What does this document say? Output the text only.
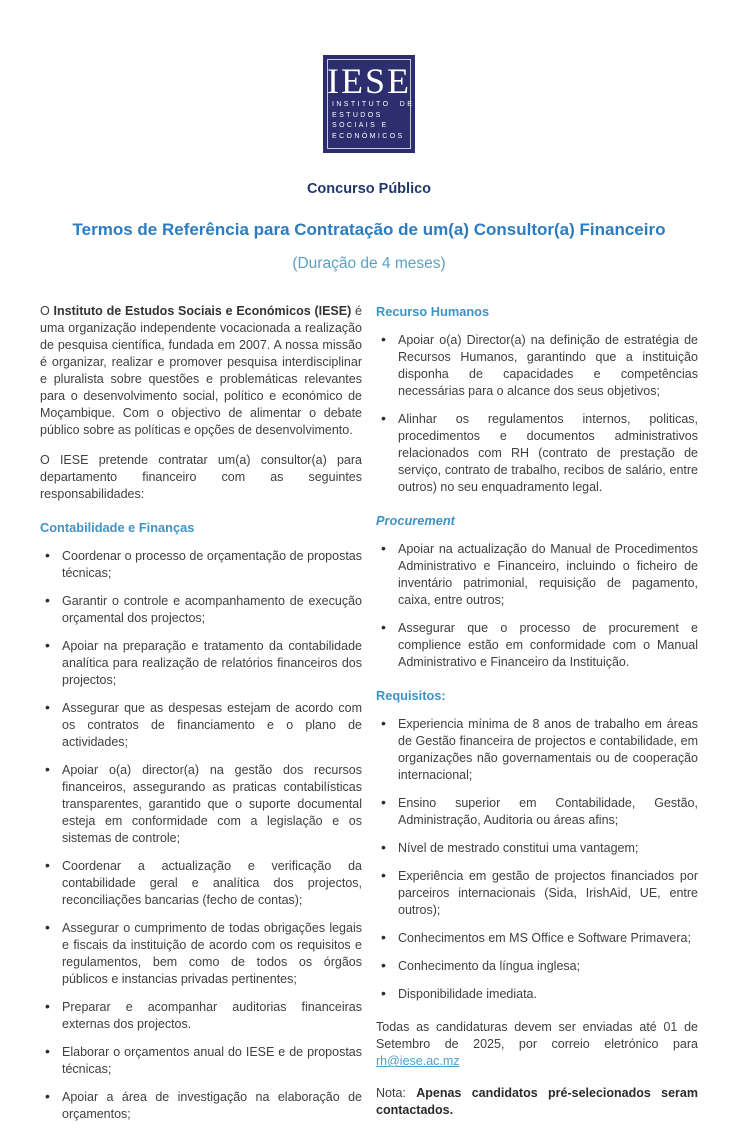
IESE
INSTITUTO DE
ESTUDOS
SOCIAIS E
ECONÓMICOS
Concurso Público
Termos de Referência para Contratação de um(a) Consultor(a) Financeiro
(Duração de 4 meses)

O Instituto de Estudos Sociais e Económicos (IESE) é uma organização independente vocacionada a realização de pesquisa científica, fundada em 2007. A nossa missão é organizar, realizar e promover pesquisa interdisciplinar e pluralista sobre questões e problemáticas relevantes para o desenvolvimento social, político e económico de Moçambique. Com o objectivo de alimentar o debate público sobre as políticas e opções de desenvolvimento.

O IESE pretende contratar um(a) consultor(a) para departamento financeiro com as seguintes responsabilidades:

Contabilidade e Finanças
• Coordenar o processo de orçamentação de propostas técnicas;
• Garantir o controle e acompanhamento de execução orçamental dos projectos;
• Apoiar na preparação e tratamento da contabilidade analítica para realização de relatórios financeiros dos projectos;
• Assegurar que as despesas estejam de acordo com os contratos de financiamento e o plano de actividades;
• Apoiar o(a) director(a) na gestão dos recursos financeiros, assegurando as praticas contabilísticas transparentes, garantido que o suporte documental esteja em conformidade com a legislação e os sistemas de controle;
• Coordenar a actualização e verificação da contabilidade geral e analítica dos projectos, reconciliações bancarias (fecho de contas);
• Assegurar o cumprimento de todas obrigações legais e fiscais da instituição de acordo com os requisitos e regulamentos, bem como de todos os órgãos públicos e instancias privadas pertinentes;
• Preparar e acompanhar auditorias financeiras externas dos projectos.
• Elaborar o orçamentos anual do IESE e de propostas técnicas;
• Apoiar a área de investigação na elaboração de orçamentos;
Recurso Humanos
• Apoiar o(a) Director(a) na definição de estratégia de Recursos Humanos, garantindo que a instituição disponha de capacidades e competências necessárias para o alcance dos seus objetivos;
• Alinhar os regulamentos internos, politicas, procedimentos e documentos administrativos relacionados com RH (contrato de prestação de serviço, contrato de trabalho, recibos de salário, entre outros) no seu enquadramento legal.
Procurement
• Apoiar na actualização do Manual de Procedimentos Administrativo e Financeiro, incluindo o ficheiro de inventário patrimonial, requisição de pagamento, caixa, entre outros;
• Assegurar que o processo de procurement e complience estão em conformidade com o Manual Administrativo e Financeiro da Instituição.
Requisitos:
• Experiencia mínima de 8 anos de trabalho em áreas de Gestão financeira de projectos e contabilidade, em organizações não governamentais ou de cooperação internacional;
• Ensino superior em Contabilidade, Gestão, Administração, Auditoria ou áreas afins;
• Nível de mestrado constitui uma vantagem;
• Experiência em gestão de projectos financiados por parceiros internacionais (Sida, IrishAid, UE, entre outros);
• Conhecimentos em MS Office e Software Primavera;
• Conhecimento da língua inglesa;
• Disponibilidade imediata.

Todas as candidaturas devem ser enviadas até 01 de Setembro de 2025, por correio eletrónico para rh@iese.ac.mz

Nota: Apenas candidatos pré-selecionados seram contactados.
